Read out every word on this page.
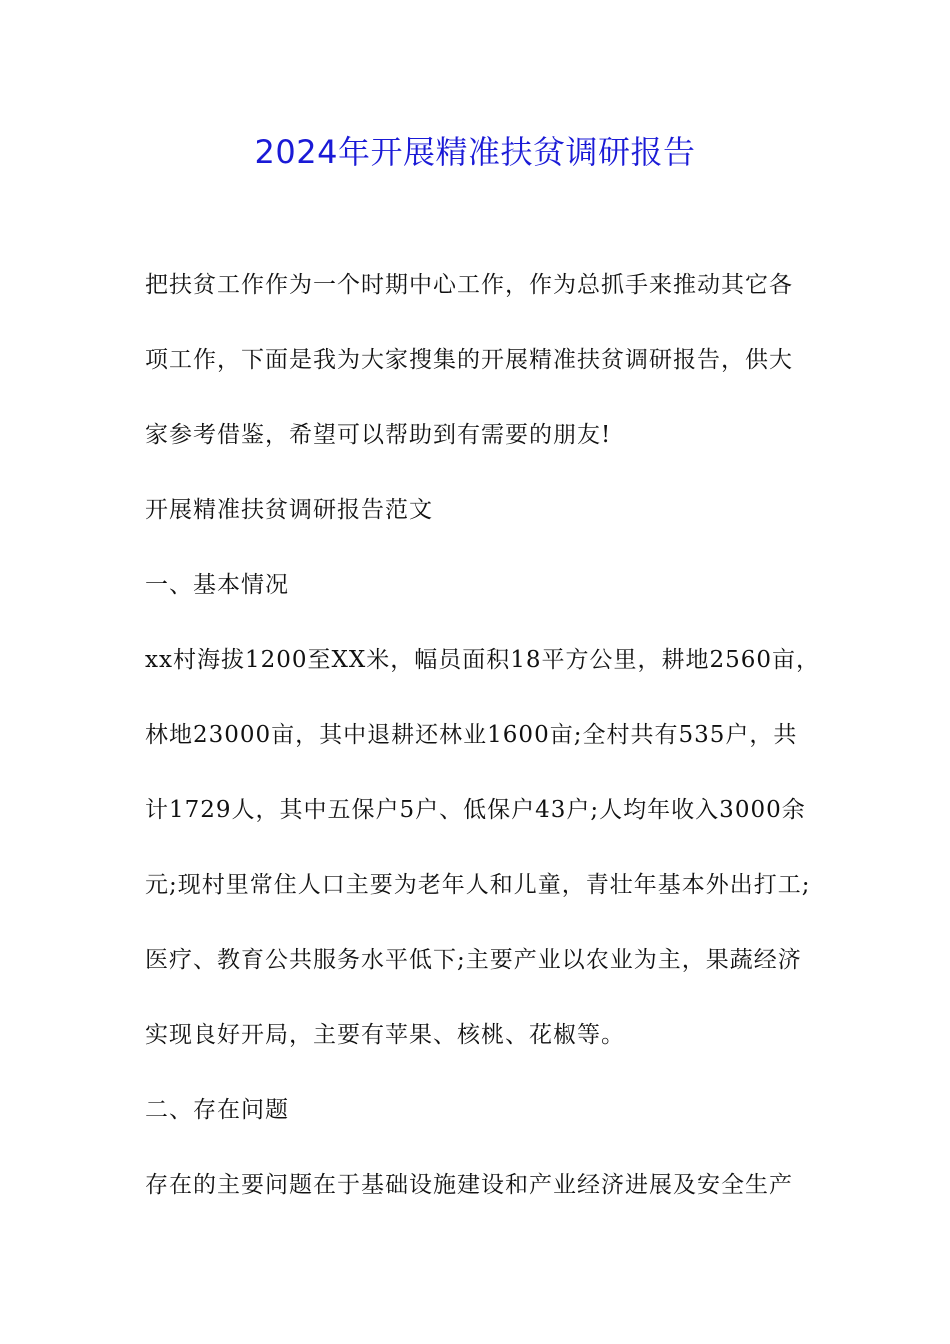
2024年开展精准扶贫调研报告

把扶贫工作作为一个时期中心工作，作为总抓手来推动其它各

项工作，下面是我为大家搜集的开展精准扶贫调研报告，供大

家参考借鉴，希望可以帮助到有需要的朋友!

开展精准扶贫调研报告范文

一、基本情况

xx村海拔1200至XX米，幅员面积18平方公里，耕地2560亩，

林地23000亩，其中退耕还林业1600亩;全村共有535户，共

计1729人，其中五保户5户、低保户43户;人均年收入3000余

元;现村里常住人口主要为老年人和儿童，青壮年基本外出打工;

医疗、教育公共服务水平低下;主要产业以农业为主，果蔬经济

实现良好开局，主要有苹果、核桃、花椒等。

二、存在问题

存在的主要问题在于基础设施建设和产业经济进展及安全生产
